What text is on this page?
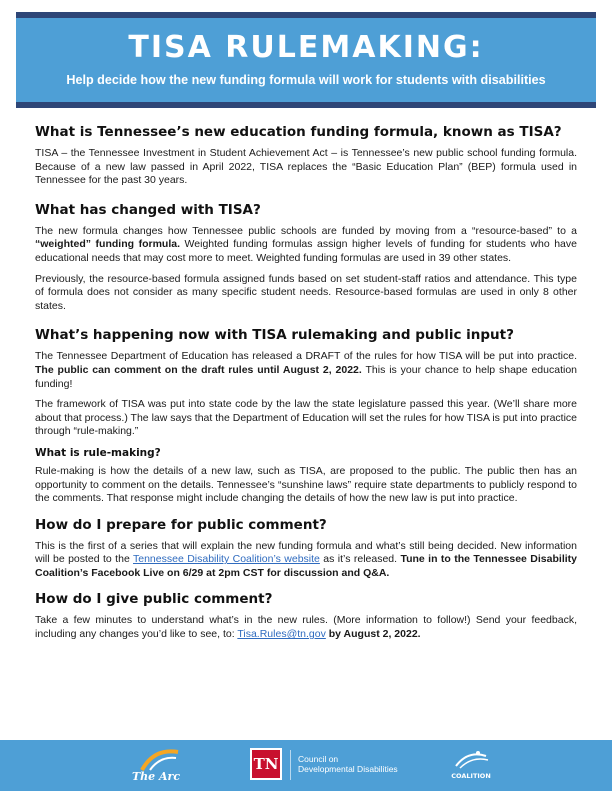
TISA RULEMAKING:

Help decide how the new funding formula will work for students with disabilities

What is Tennessee’s new education funding formula, known as TISA?

TISA – the Tennessee Investment in Student Achievement Act – is Tennessee’s new public school funding formula. Because of a new law passed in April 2022, TISA replaces the “Basic Education Plan” (BEP) formula used in Tennessee for the past 30 years.

What has changed with TISA?

The new formula changes how Tennessee public schools are funded by moving from a “resource-based” to a “weighted” funding formula. Weighted funding formulas assign higher levels of funding for students who have educational needs that may cost more to meet. Weighted funding formulas are used in 39 other states.

Previously, the resource-based formula assigned funds based on set student-staff ratios and attendance. This type of formula does not consider as many specific student needs. Resource-based formulas are used in only 8 other states.

What’s happening now with TISA rulemaking and public input?

The Tennessee Department of Education has released a DRAFT of the rules for how TISA will be put into practice. The public can comment on the draft rules until August 2, 2022. This is your chance to help shape education funding!

The framework of TISA was put into state code by the law the state legislature passed this year. (We’ll share more about that process.) The law says that the Department of Education will set the rules for how TISA is put into practice through “rule-making.”

What is rule-making?

Rule-making is how the details of a new law, such as TISA, are proposed to the public. The public then has an opportunity to comment on the details. Tennessee’s “sunshine laws” require state departments to publicly respond to the comments. That response might include changing the details of how the new law is put into practice.

How do I prepare for public comment?

This is the first of a series that will explain the new funding formula and what’s still being decided. New information will be posted to the Tennessee Disability Coalition’s website as it’s released. Tune in to the Tennessee Disability Coalition’s Facebook Live on 6/29 at 2pm CST for discussion and Q&A.

How do I give public comment?

Take a few minutes to understand what’s in the new rules. (More information to follow!) Send your feedback, including any changes you’d like to see, to: Tisa.Rules@tn.gov by August 2, 2022.

The Arc
TN	Council on
Developmental Disabilities
COALITION
